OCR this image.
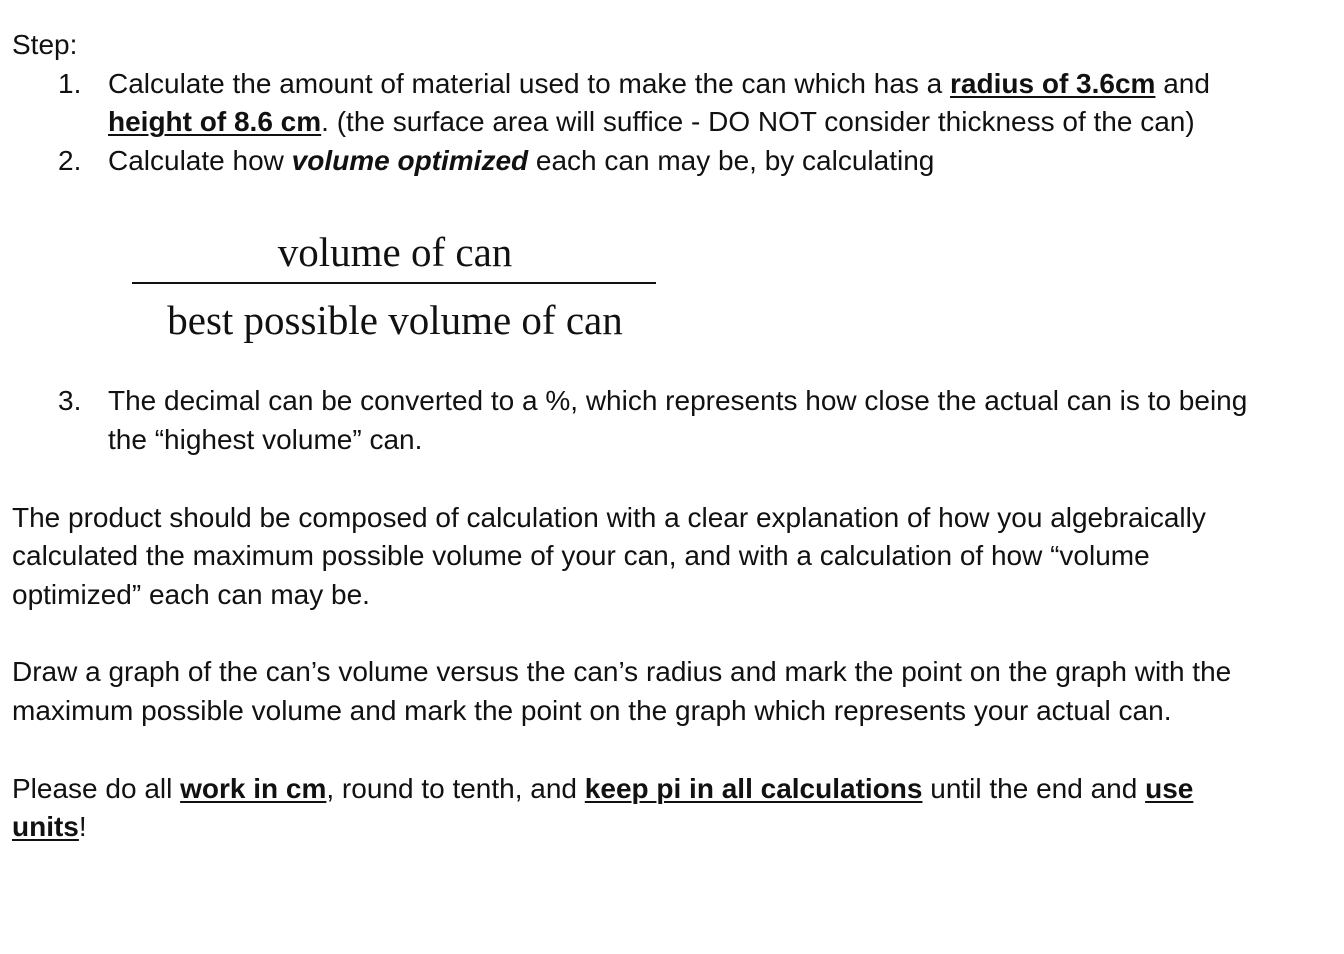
Step:
1. Calculate the amount of material used to make the can which has a radius of 3.6cm and height of 8.6 cm. (the surface area will suffice - DO NOT consider thickness of the can)
2. Calculate how volume optimized each can may be, by calculating
volume of can
best possible volume of can
3. The decimal can be converted to a %, which represents how close the actual can is to being the “highest volume” can.

The product should be composed of calculation with a clear explanation of how you algebraically calculated the maximum possible volume of your can, and with a calculation of how “volume optimized” each can may be.

Draw a graph of the can’s volume versus the can’s radius and mark the point on the graph with the maximum possible volume and mark the point on the graph which represents your actual can.

Please do all work in cm, round to tenth, and keep pi in all calculations until the end and use units!
